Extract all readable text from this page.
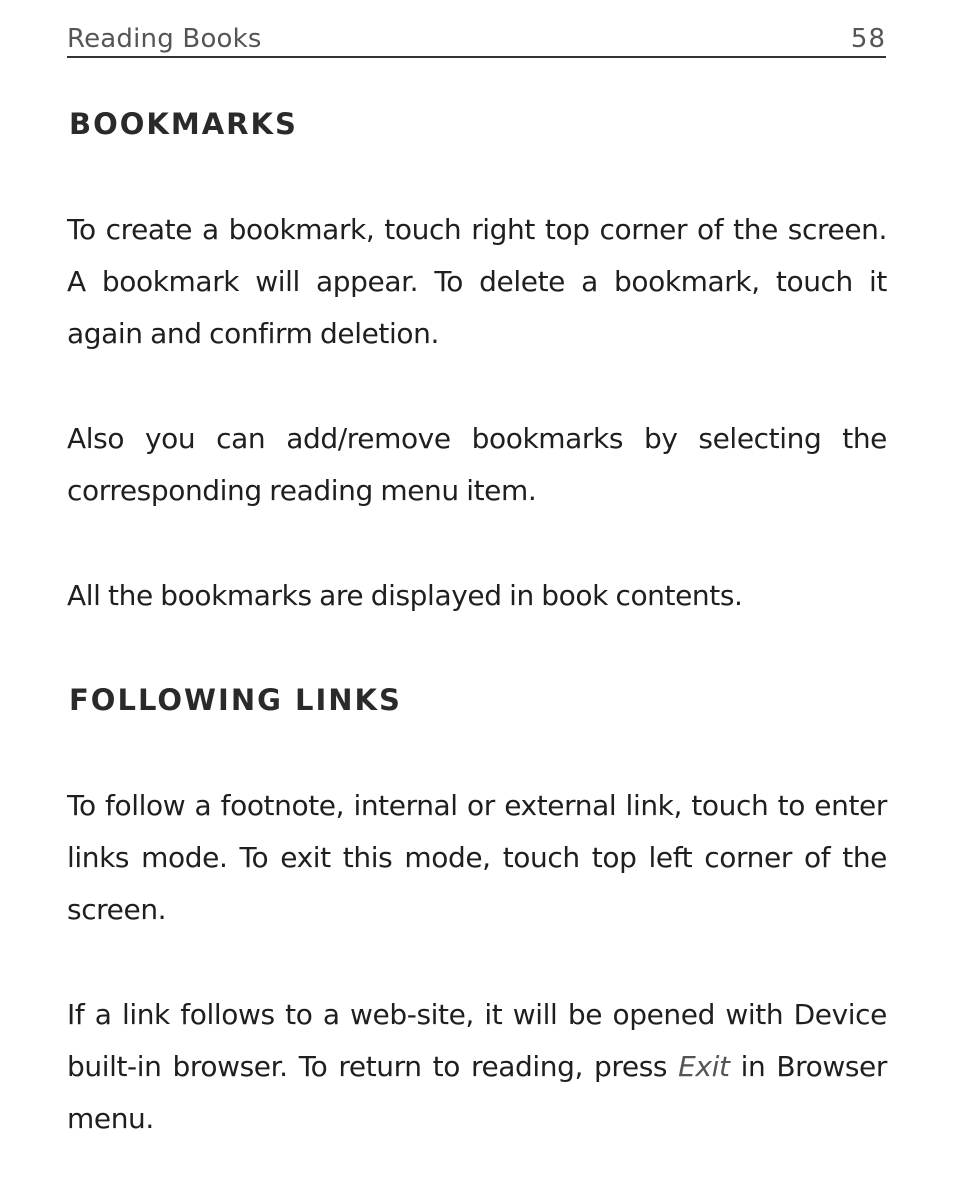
Reading Books	58
BOOKMARKS

To create a bookmark, touch right top corner of the screen. A bookmark will appear. To delete a bookmark, touch it again and confirm deletion.

Also you can add/remove bookmarks by selecting the corresponding reading menu item.

All the bookmarks are displayed in book contents.

FOLLOWING LINKS

To follow a footnote, internal or external link, touch to enter links mode. To exit this mode, touch top left corner of the screen.

If a link follows to a web-site, it will be opened with Device built-in browser. To return to reading, press Exit in Browser menu.
